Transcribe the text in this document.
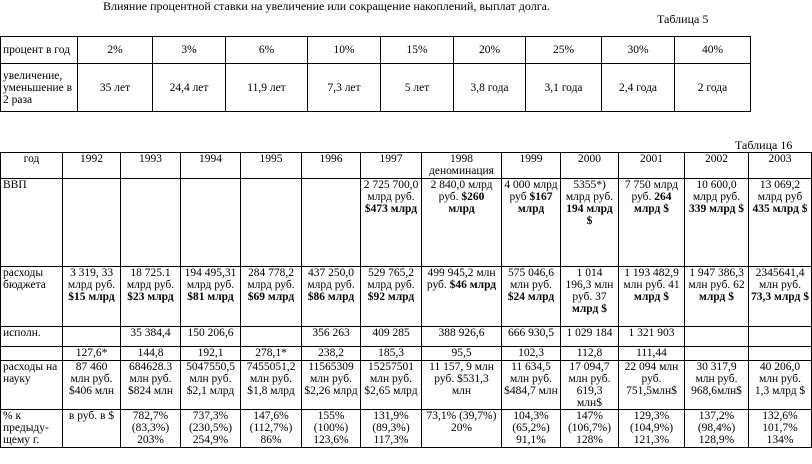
Влияние процентной ставки на увеличение или сокращение накоплений, выплат долга.
Таблица 5
процент в год	2%	3%	6%	10%	15%	20%	25%	30%	40%
увеличение, уменьшение в 2 раза	35 лет	24,4 лет	11,9 лет	7,3 лет	5 лет	3,8 года	3,1 года	2,4 года	2 года
Таблица 16
год	1992	1993	1994	1995	1996	1997	1998 деноминация	1999	2000	2001	2002	2003
ВВП						2 725 700,0 млрд руб. $473 млрд	2 840,0 млрд руб. $260 млрд	4 000 млрд руб $167 млрд	5355*) млрд руб. 194 млрд $	7 750 млрд руб. 264 млрд $	10 600,0 млрд руб. 339 млрд $	13 069,2 млрд руб 435 млрд $
расходы бюджета	3 319, 33 млрд руб. $15 млрд	18 725.1 млрд руб. $23 млрд	194 495,31 млрд руб. $81 млрд	284 778,2 млрд руб. $69 млрд	437 250,0 млрд руб. $86 млрд	529 765,2 млрд руб. $92 млрд	499 945,2 млн руб. $46 млрд	575 046,6 млн руб. $24 млрд	1 014 196,3 млн руб. 37 млрд $	1 193 482,9 млн руб. 41 млрд $	1 947 386,3 млн руб. 62 млрд $	2345641,4 млн руб. 73,3 млрд $
исполн.		35 384,4	150 206,6		356 263	409 285	388 926,6	666 930,5	1 029 184	1 321 903		
	127,6*	144,8	192,1	278,1*	238,2	185,3	95,5	102,3	112,8	111,44		
расходы на науку	87 460 млн руб. $406 млн	684628.3 млн руб. $824 млн	5047550,5 млн руб. $2,1 млрд	7455051,2 млн руб. $1,8 млрд	11565309 млн руб. $2,26 млрд	15257501 млн руб. $2,65 млрд	11 157, 9 млн руб. $531,3 млн	11 634,5 млн руб. $484,7 млн	17 094,7 млн руб. 619,3 млн$	22 094 млн руб. 751,5млн$	30 317,9 млн руб. 968,6млн$	40 206,0 млн руб. 1,3 млрд $
% к предыду-щему г.	в руб. в $	782,7% (83,3%) 203%	737,3% (230,5%) 254,9%	147,6% (112,7%) 86%	155% (100%) 123,6%	131,9% (89,3%) 117,3%	73,1% (39,7%) 20%	104,3% (65,2%) 91,1%	147% (106,7%) 128%	129,3% (104,9%) 121,3%	137,2% (98,4%) 128,9%	132,6% 101,7% 134%
